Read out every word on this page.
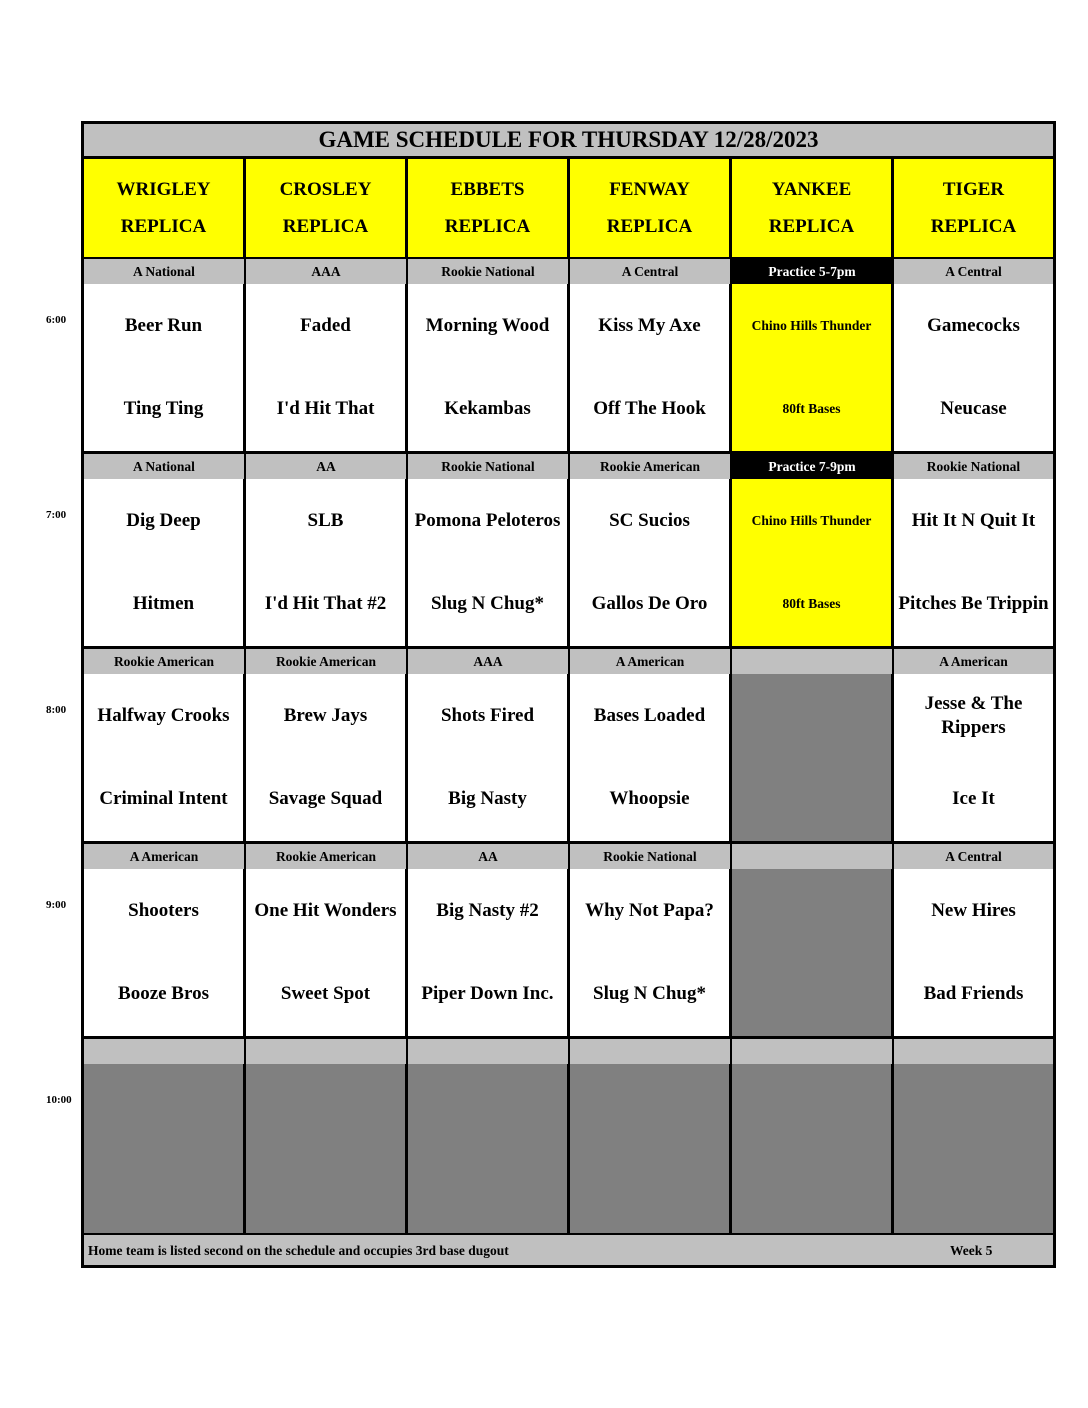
GAME SCHEDULE FOR THURSDAY 12/28/2023
A National
Beer Run
Ting Ting
AAA
Faded
I'd Hit That
Rookie National
Morning Wood
Kekambas
A Central
Kiss My Axe
Off The Hook
Practice 5-7pm
Chino Hills Thunder
80ft Bases
A Central
Gamecocks
Neucase
A National
Dig Deep
Hitmen
AA
SLB
I'd Hit That #2
Rookie National
Pomona Peloteros
Slug N Chug*
Rookie American
SC Sucios
Gallos De Oro
Practice 7-9pm
Chino Hills Thunder
80ft Bases
Rookie National
Hit It N Quit It
Pitches Be Trippin
Rookie American
Halfway Crooks
Criminal Intent
Rookie American
Brew Jays
Savage Squad
AAA
Shots Fired
Big Nasty
A American
Bases Loaded
Whoopsie
A American
Jesse & The Rippers
Ice It
A American
Shooters
Booze Bros
Rookie American
One Hit Wonders
Sweet Spot
AA
Big Nasty #2
Piper Down Inc.
Rookie National
Why Not Papa?
Slug N Chug*
A Central
New Hires
Bad Friends
Home team is listed second on the schedule and occupies 3rd base dugout	Week 5
WRIGLEY
REPLICA
CROSLEY
REPLICA
EBBETS
REPLICA
FENWAY
REPLICA
YANKEE
REPLICA
TIGER
REPLICA
6:00
7:00
8:00
9:00
10:00
